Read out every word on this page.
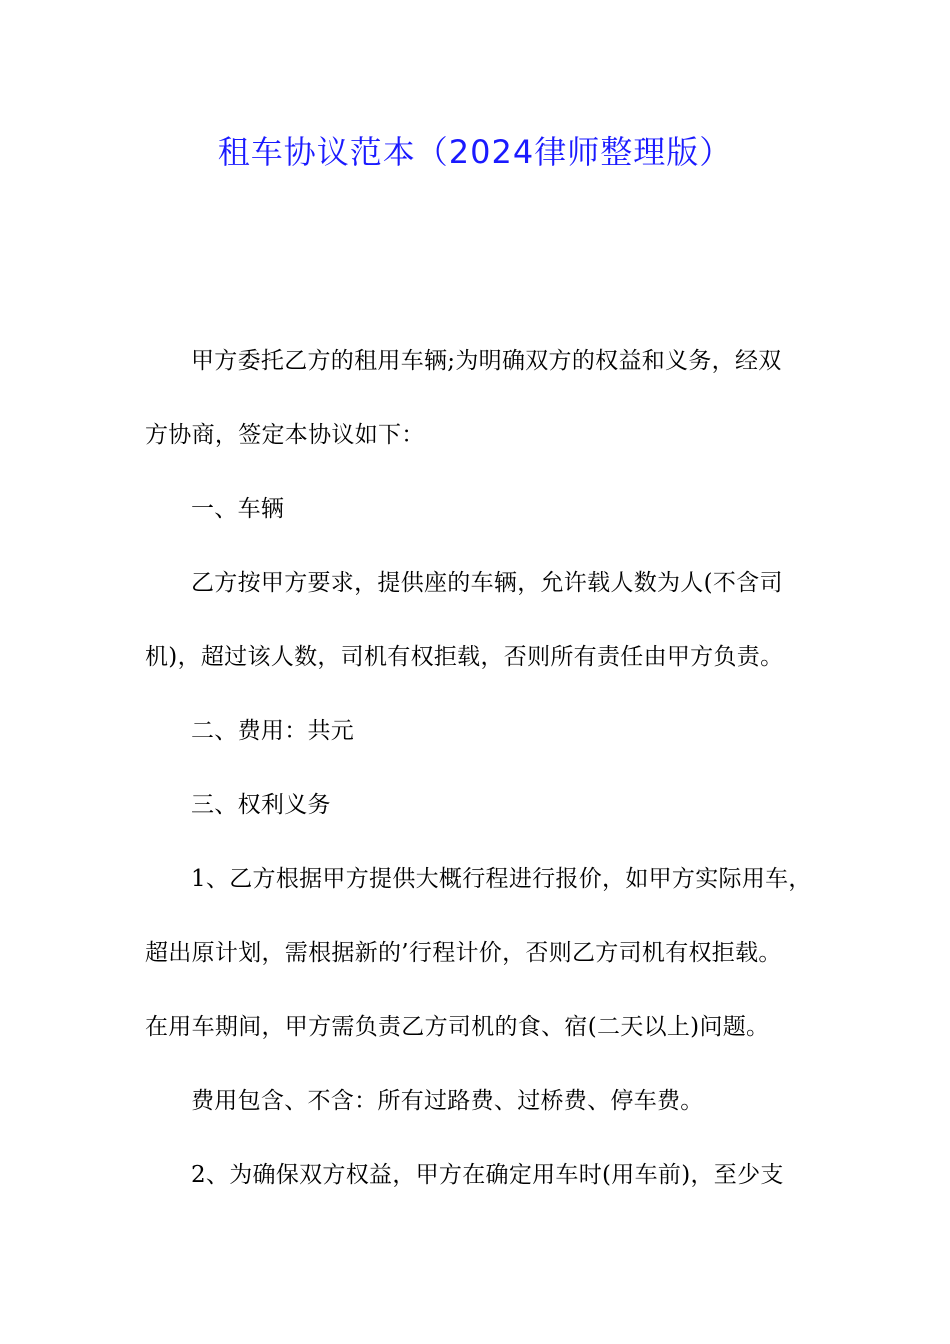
租车协议范本（2024律师整理版）
甲方委托乙方的租用车辆;为明确双方的权益和义务，经双
方协商，签定本协议如下：
一、车辆
乙方按甲方要求，提供座的车辆，允许载人数为人(不含司
机)，超过该人数，司机有权拒载，否则所有责任由甲方负责。
二、费用：共元
三、权利义务
1、乙方根据甲方提供大概行程进行报价，如甲方实际用车，
超出原计划，需根据新的’行程计价，否则乙方司机有权拒载。
在用车期间，甲方需负责乙方司机的食、宿(二天以上)问题。
费用包含、不含：所有过路费、过桥费、停车费。
2、为确保双方权益，甲方在确定用车时(用车前)，至少支
